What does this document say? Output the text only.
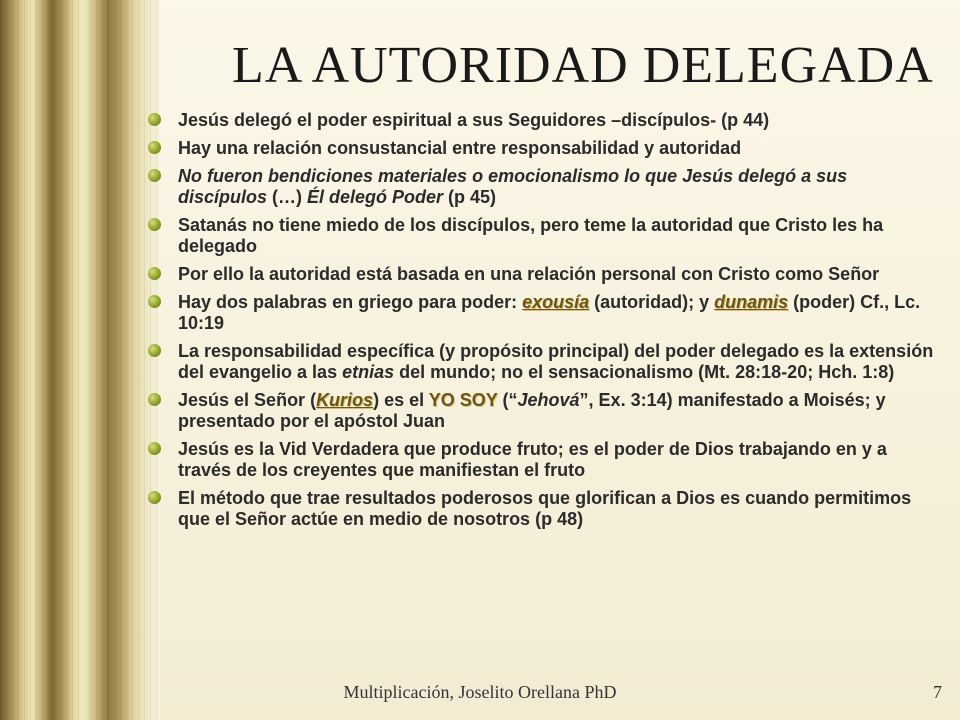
LA AUTORIDAD DELEGADA
Jesús delegó el poder espiritual a sus Seguidores –discípulos- (p 44)
Hay una relación consustancial entre responsabilidad y autoridad
No fueron bendiciones materiales o emocionalismo lo que Jesús delegó a sus discípulos (…) Él delegó Poder (p 45)
Satanás no tiene miedo de los discípulos, pero teme la autoridad que Cristo les ha delegado
Por ello la autoridad está basada en una relación personal con Cristo como Señor
Hay dos palabras en griego para poder: exousía (autoridad); y dunamis (poder) Cf., Lc. 10:19
La responsabilidad específica (y propósito principal) del poder delegado es la extensión del evangelio a las etnias del mundo; no el sensacionalismo (Mt. 28:18-20; Hch. 1:8)
Jesús el Señor (Kurios) es el YO SOY (“Jehová”, Ex. 3:14) manifestado a Moisés; y presentado por el apóstol Juan
Jesús es la Vid Verdadera que produce fruto; es el poder de Dios trabajando en y a través de los creyentes que manifiestan el fruto
El método que trae resultados poderosos que glorifican a Dios es cuando permitimos que el Señor actúe en medio de nosotros (p 48)
Multiplicación, Joselito Orellana PhD	7
